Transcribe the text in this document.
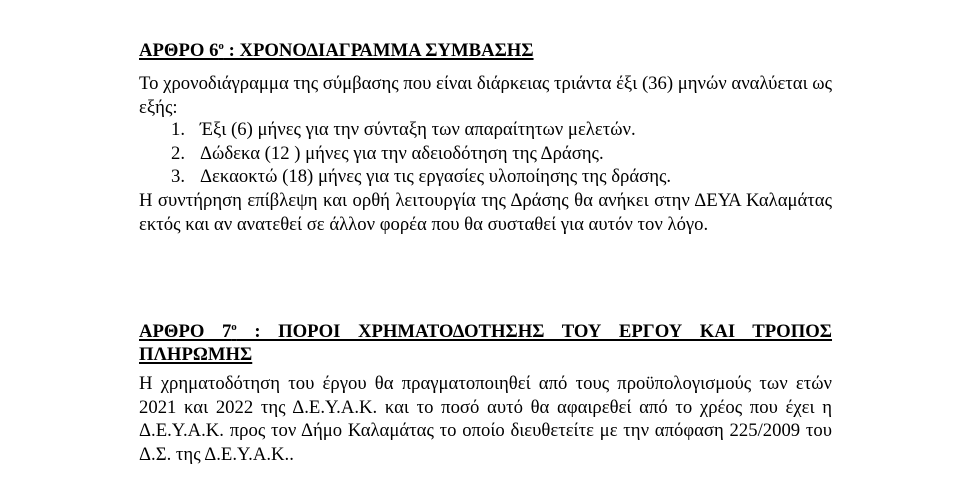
ΑΡΘΡΟ $6^o$ : ΧΡΟΝΟΔΙΑΓΡΑΜΜΑ ΣΥΜΒΑΣΗΣ
Το χρονοδιάγραμμα της σύμβασης που είναι διάρκειας τριάντα έξι (36) μηνών αναλύεται ως εξής:
1. Έξι (6) μήνες για την σύνταξη των απαραίτητων μελετών.
2. Δώδεκα (12 ) μήνες για την αδειοδότηση της Δράσης.
3. Δεκαοκτώ (18) μήνες για τις εργασίες υλοποίησης της δράσης.
Η συντήρηση επίβλεψη και ορθή λειτουργία της Δράσης θα ανήκει στην ΔΕΥΑ Καλαμάτας εκτός και αν ανατεθεί σε άλλον φορέα που θα συσταθεί για αυτόν τον λόγο.
ΑΡΘΡΟ $7^o$ : ΠΟΡΟΙ ΧΡΗΜΑΤΟΔΟΤΗΣΗΣ ΤΟΥ ΕΡΓΟΥ ΚΑΙ ΤΡΟΠΟΣ
ΠΛΗΡΩΜΗΣ
Η χρηματοδότηση του έργου θα πραγματοποιηθεί από τους προϋπολογισμούς των ετών 2021 και 2022 της Δ.Ε.Υ.Α.Κ. και το ποσό αυτό θα αφαιρεθεί από το χρέος που έχει η Δ.Ε.Υ.Α.Κ. προς τον Δήμο Καλαμάτας το οποίο διευθετείτε με την απόφαση 225/2009 του Δ.Σ. της Δ.Ε.Υ.Α.Κ..
